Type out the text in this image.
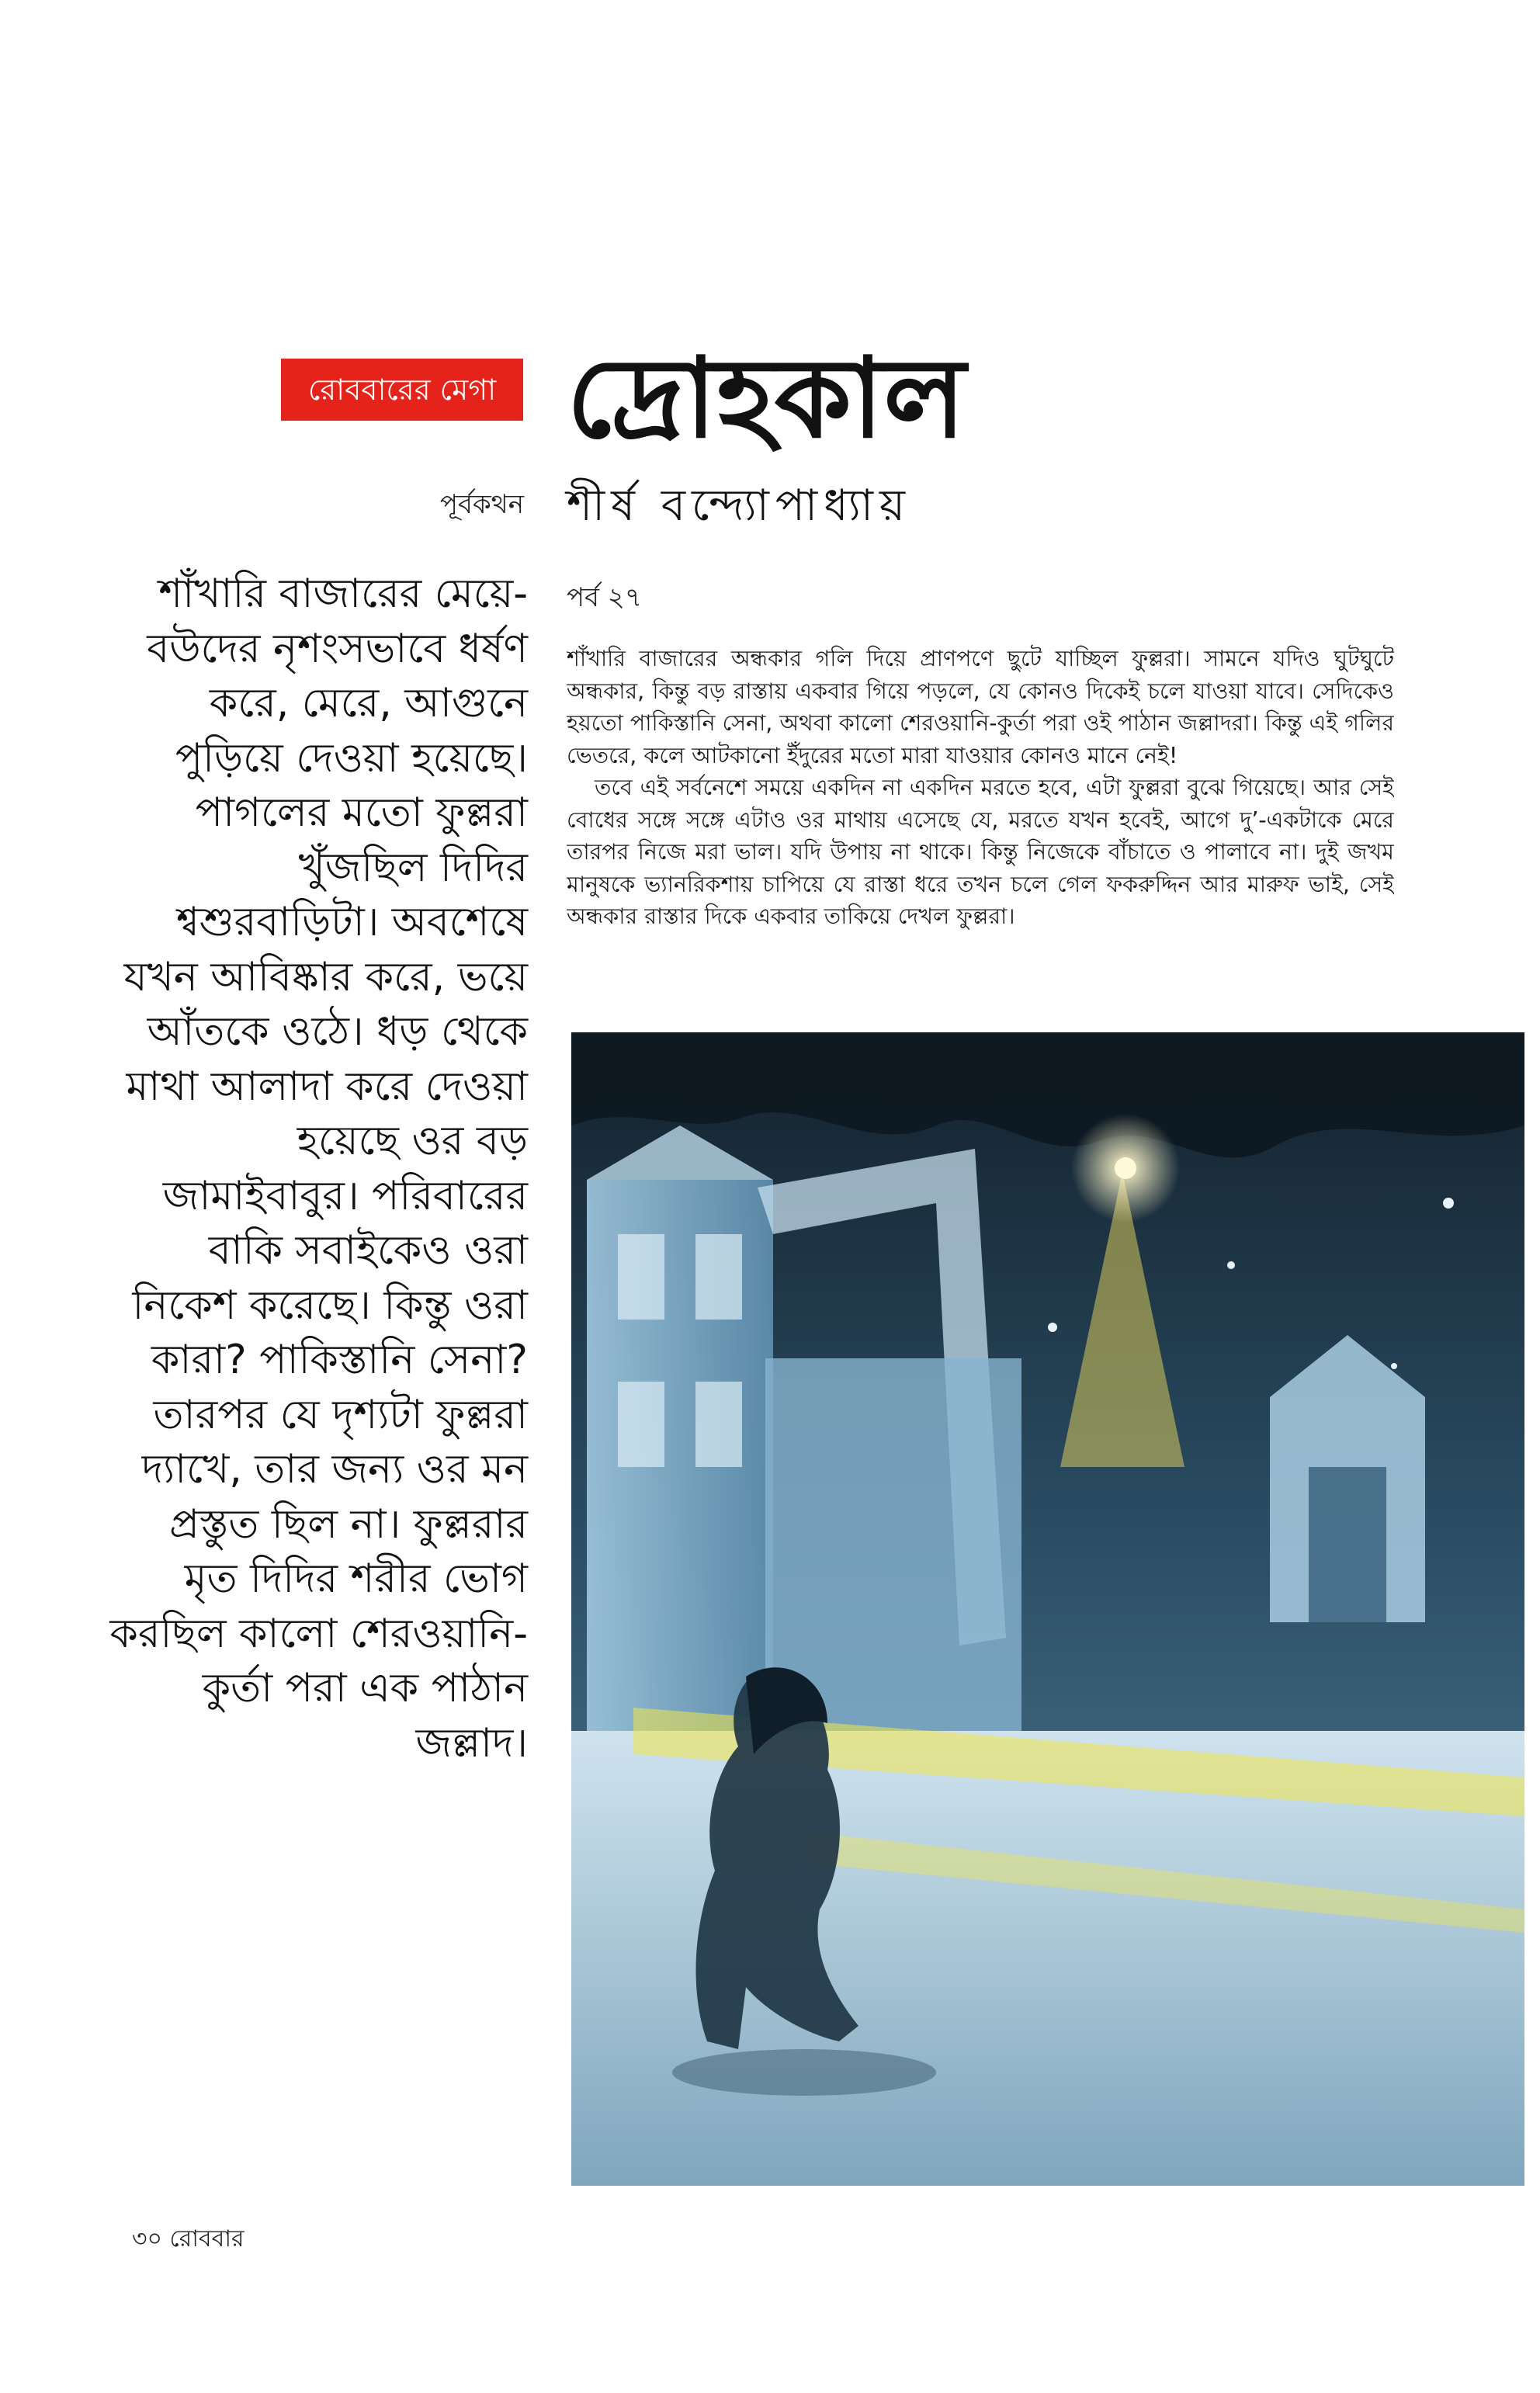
রোববারের মেগা দ্রোহকাল
পূর্বকথন শীর্ষ বন্দ্যোপাধ্যায়

শাঁখারি বাজারের মেয়ে-বউদের নৃশংসভাবে ধর্ষণ করে, মেরে, আগুনে পুড়িয়ে দেওয়া হয়েছে। পাগলের মতো ফুল্লরা খুঁজছিল দিদির শ্বশুরবাড়িটা। অবশেষে যখন আবিষ্কার করে, ভয়ে আঁতকে ওঠে। ধড় থেকে মাথা আলাদা করে দেওয়া হয়েছে ওর বড় জামাইবাবুর। পরিবারের বাকি সবাইকেও ওরা নিকেশ করেছে। কিন্তু ওরা কারা? পাকিস্তানি সেনা? তারপর যে দৃশ্যটা ফুল্লরা দ্যাখে, তার জন্য ওর মন প্রস্তুত ছিল না। ফুল্লরার মৃত দিদির শরীর ভোগ করছিল কালো শেরওয়ানি-কুর্তা পরা এক পাঠান জল্লাদ।

পর্ব ২৭

শাঁখারি বাজারের অন্ধকার গলি দিয়ে প্রাণপণে ছুটে যাচ্ছিল ফুল্লরা। সামনে যদিও ঘুটঘুটে অন্ধকার, কিন্তু বড় রাস্তায় একবার গিয়ে পড়লে, যে কোনও দিকেই চলে যাওয়া যাবে। সেদিকেও হয়তো পাকিস্তানি সেনা, অথবা কালো শেরওয়ানি-কুর্তা পরা ওই পাঠান জল্লাদরা। কিন্তু এই গলির ভেতরে, কলে আটকানো ইঁদুরের মতো মারা যাওয়ার কোনও মানে নেই!

তবে এই সর্বনেশে সময়ে একদিন না একদিন মরতে হবে, এটা ফুল্লরা বুঝে গিয়েছে। আর সেই বোধের সঙ্গে সঙ্গে এটাও ওর মাথায় এসেছে যে, মরতে যখন হবেই, আগে দু’-একটাকে মেরে তারপর নিজে মরা ভাল। যদি উপায় না থাকে। কিন্তু নিজেকে বাঁচাতে ও পালাবে না। দুই জখম মানুষকে ভ্যানরিকশায় চাপিয়ে যে রাস্তা ধরে তখন চলে গেল ফকরুদ্দিন আর মারুফ ভাই, সেই অন্ধকার রাস্তার দিকে একবার তাকিয়ে দেখল ফুল্লরা।

৩০ রোববার
